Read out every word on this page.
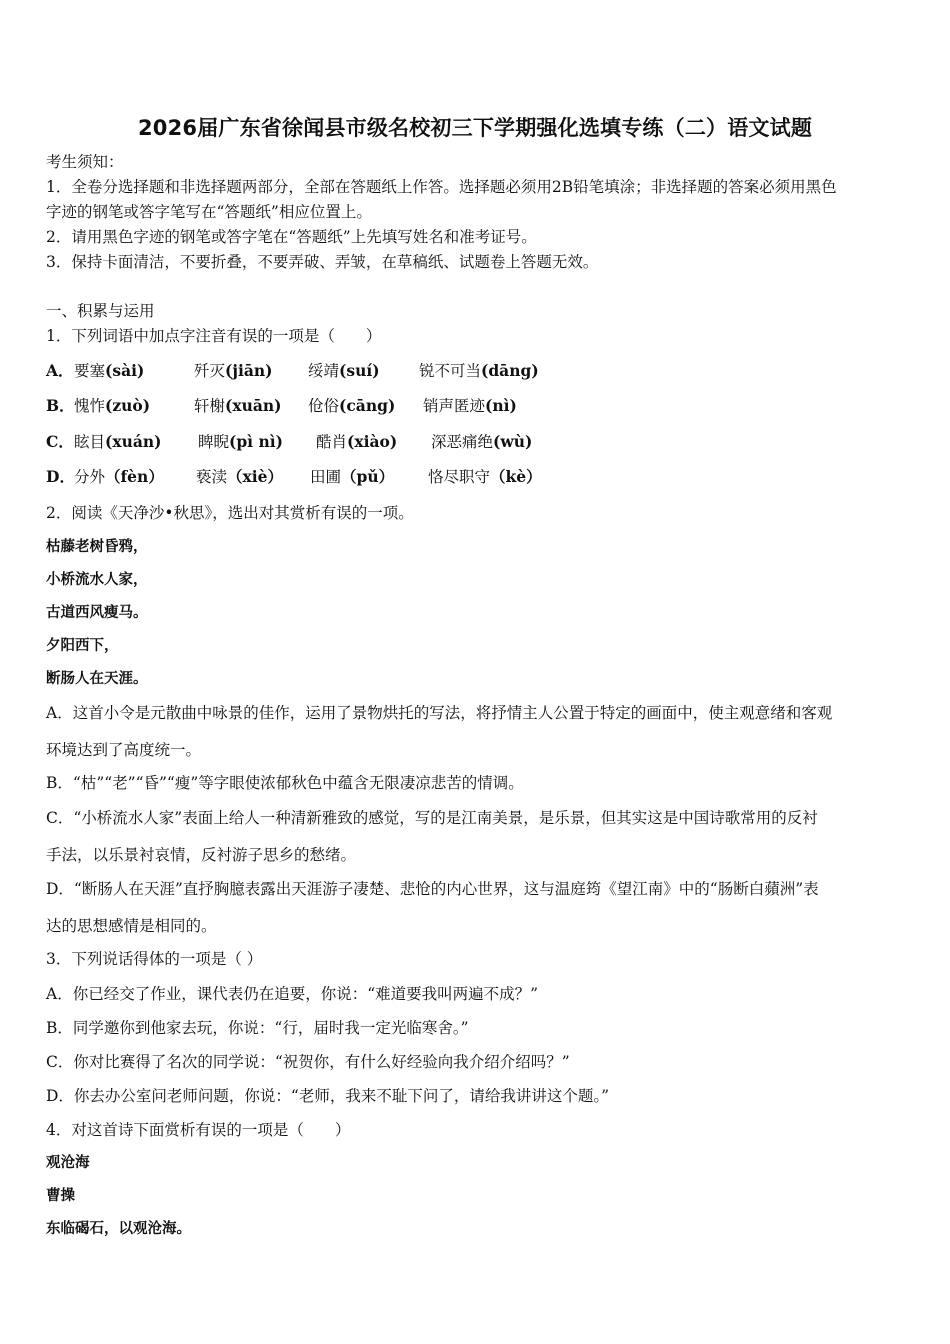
2026届广东省徐闻县市级名校初三下学期强化选填专练（二）语文试题
考生须知：
1．全卷分选择题和非选择题两部分，全部在答题纸上作答。选择题必须用2B铅笔填涂；非选择题的答案必须用黑色
字迹的钢笔或答字笔写在“答题纸”相应位置上。
2．请用黑色字迹的钢笔或答字笔在“答题纸”上先填写姓名和准考证号。
3．保持卡面清洁，不要折叠，不要弄破、弄皱，在草稿纸、试题卷上答题无效。
一、积累与运用
1．下列词语中加点字注音有误的一项是（　　）
A． 要塞(sài)	歼灭(jiān) 绥靖(suí)	锐不可当(dāng)
B． 愧怍(zuò)	轩榭(xuān) 伧俗(cāng) 销声匿迹(nì)
C． 眩目(xuán) 睥睨(pì nì) 酷肖(xiào) 深恶痛绝(wù)
D． 分外（fèn） 亵渎（xiè） 田圃（pǔ） 恪尽职守（kè）
2．阅读《天净沙•秋思》，选出对其赏析有误的一项。
枯藤老树昏鸦，
小桥流水人家，
古道西风瘦马。
夕阳西下，
断肠人在天涯。
A．这首小令是元散曲中咏景的佳作，运用了景物烘托的写法，将抒情主人公置于特定的画面中，使主观意绪和客观
环境达到了高度统一。
B．“枯”“老”“昏”“瘦”等字眼使浓郁秋色中蕴含无限凄凉悲苦的情调。
C．“小桥流水人家”表面上给人一种清新雅致的感觉，写的是江南美景，是乐景，但其实这是中国诗歌常用的反衬
手法，以乐景衬哀情，反衬游子思乡的愁绪。
D．“断肠人在天涯”直抒胸臆表露出天涯游子凄楚、悲怆的内心世界，这与温庭筠《望江南》中的“肠断白蘋洲”表
达的思想感情是相同的。
3．下列说话得体的一项是（ ）
A．你已经交了作业，课代表仍在追要，你说：“难道要我叫两遍不成？”
B．同学邀你到他家去玩，你说：“行，届时我一定光临寒舍。”
C．你对比赛得了名次的同学说：“祝贺你，有什么好经验向我介绍介绍吗？”
D．你去办公室问老师问题，你说：“老师，我来不耻下问了，请给我讲讲这个题。”
4．对这首诗下面赏析有误的一项是（　　）
观沧海
曹操
东临碣石，以观沧海。
